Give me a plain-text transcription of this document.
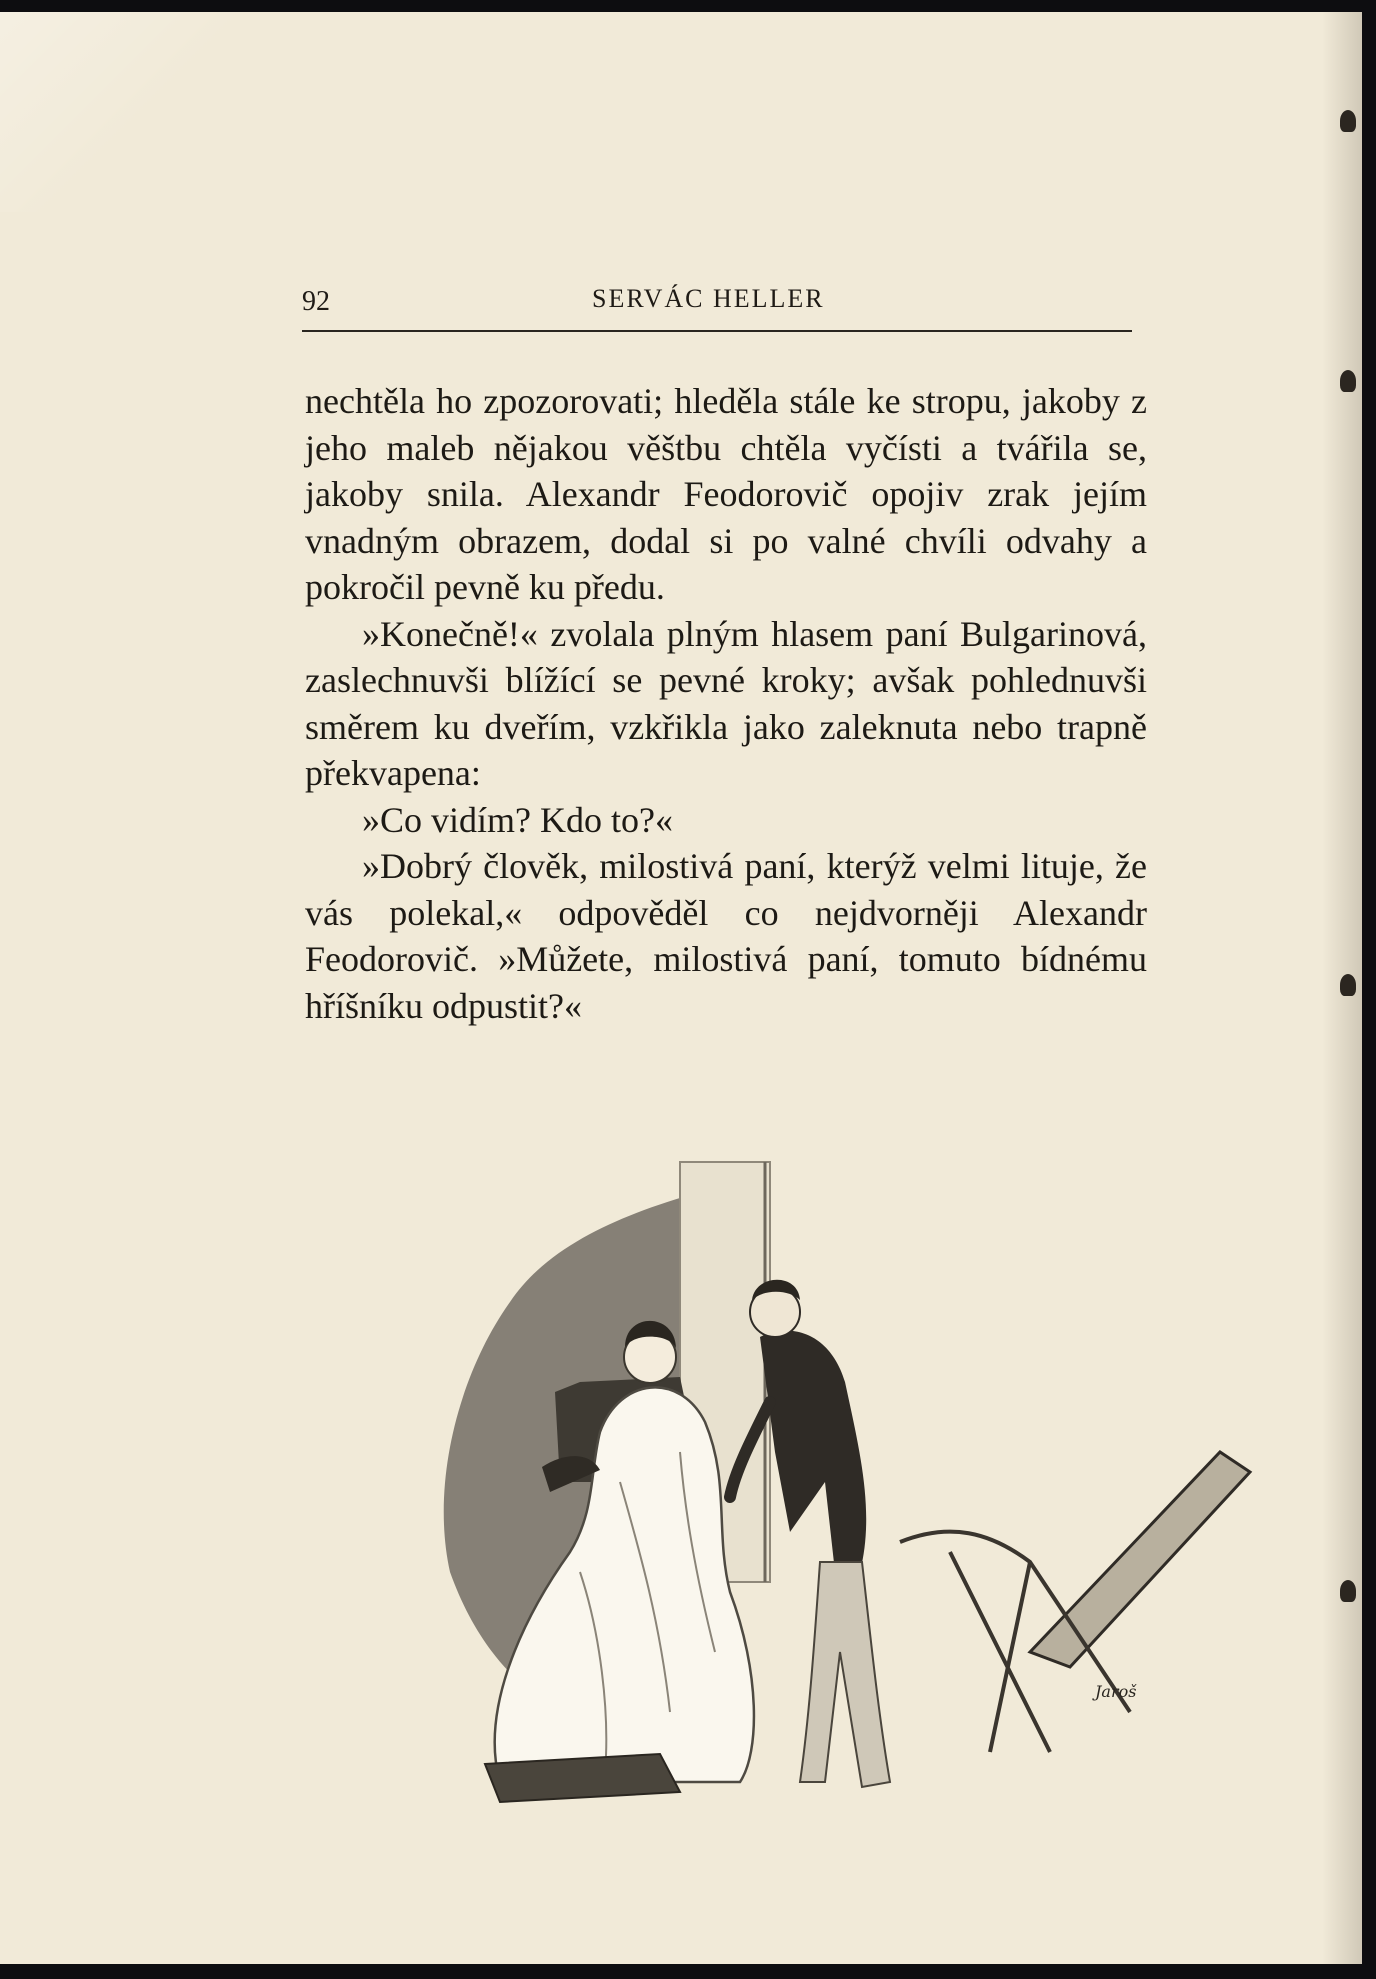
92	SERVÁC HELLER

nechtěla ho zpozorovati; hleděla stále ke stropu, jakoby z jeho maleb nějakou věštbu chtěla vyčísti a tvářila se, jakoby snila. Alexandr Feodorovič opojiv zrak jejím vnadným obrazem, dodal si po valné chvíli odvahy a pokročil pevně ku předu.

»Konečně!« zvolala plným hlasem paní Bulgarinová, zaslechnuvši blížící se pevné kroky; avšak pohlednuvši směrem ku dveřím, vzkřikla jako zaleknuta nebo trapně překvapena:

»Co vidím? Kdo to?«

»Dobrý člověk, milostivá paní, kterýž velmi lituje, že vás polekal,« odpověděl co nejdvorněji Alexandr Feodorovič. »Můžete, milostivá paní, tomuto bídnému hříšníku odpustit?«

Jaroš
